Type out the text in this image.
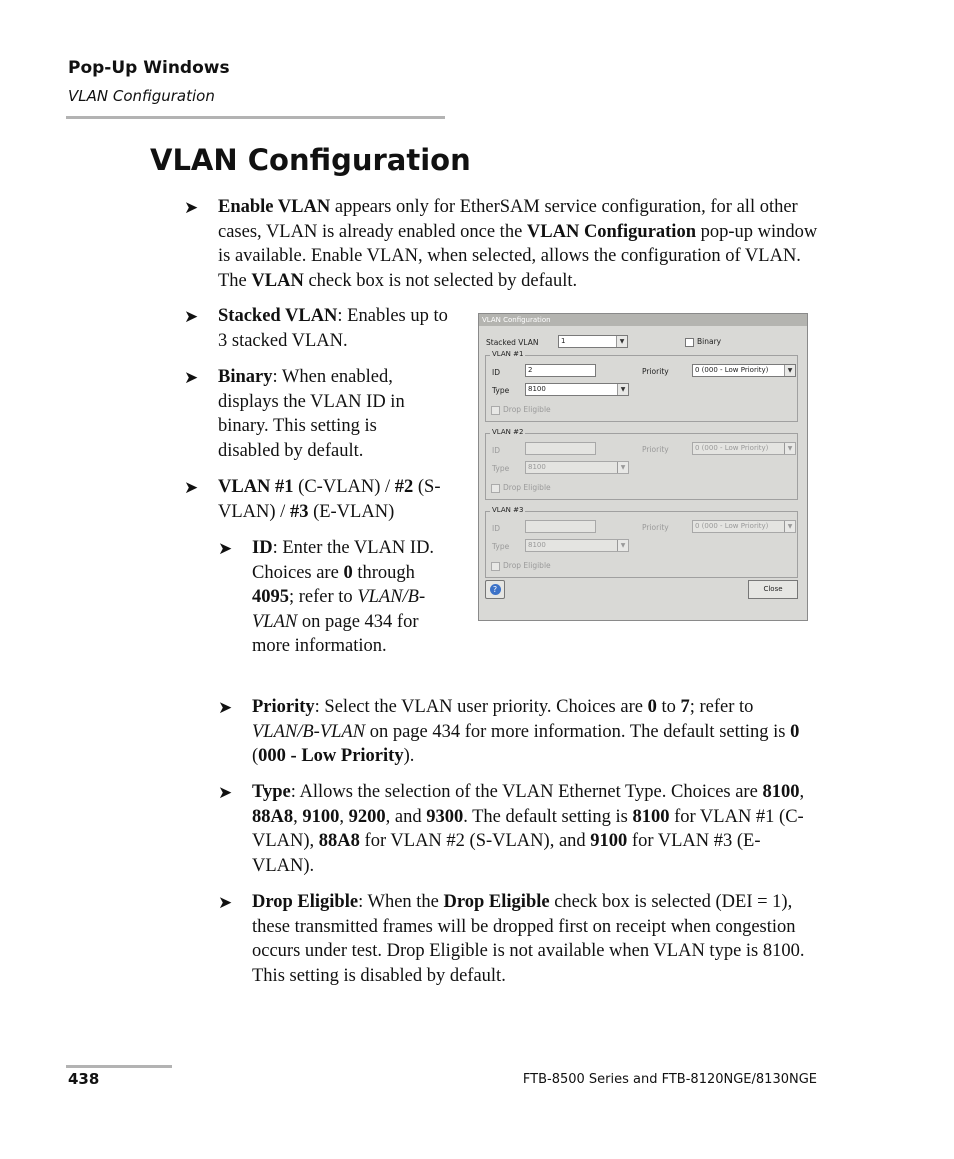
Pop-Up Windows
VLAN Configuration
VLAN Configuration
➤ Enable VLAN appears only for EtherSAM service configuration, for all other cases, VLAN is already enabled once the VLAN Configuration pop-up window is available. Enable VLAN, when selected, allows the configuration of VLAN. The VLAN check box is not selected by default.

➤ Stacked VLAN: Enables up to 3 stacked VLAN.

➤ Binary: When enabled, displays the VLAN ID in binary. This setting is disabled by default.

➤ VLAN #1 (C-VLAN) / #2 (S-VLAN) / #3 (E-VLAN)

➤ ID: Enter the VLAN ID. Choices are 0 through 4095; refer to VLAN/B-VLAN on page 434 for more information.

➤ Priority: Select the VLAN user priority. Choices are 0 to 7; refer to VLAN/B-VLAN on page 434 for more information. The default setting is 0 (000 - Low Priority).

➤ Type: Allows the selection of the VLAN Ethernet Type. Choices are 8100, 88A8, 9100, 9200, and 9300. The default setting is 8100 for VLAN #1 (C-VLAN), 88A8 for VLAN #2 (S-VLAN), and 9100 for VLAN #3 (E-VLAN).

➤ Drop Eligible: When the Drop Eligible check box is selected (DEI = 1), these transmitted frames will be dropped first on receipt when congestion occurs under test. Drop Eligible is not available when VLAN type is 8100. This setting is disabled by default.

VLAN Configuration
Stacked VLAN	1	▼	Binary
VLAN #1
ID	2
Type	8100	▼
Priority	0 (000 - Low Priority)	▼
Drop Eligible
VLAN #2
ID
Type	8100	▼
Priority	0 (000 - Low Priority)	▼
Drop Eligible
VLAN #3
ID
Type	8100	▼
Priority	0 (000 - Low Priority)	▼
Drop Eligible
?	Close
438	FTB-8500 Series and FTB-8120NGE/8130NGE
